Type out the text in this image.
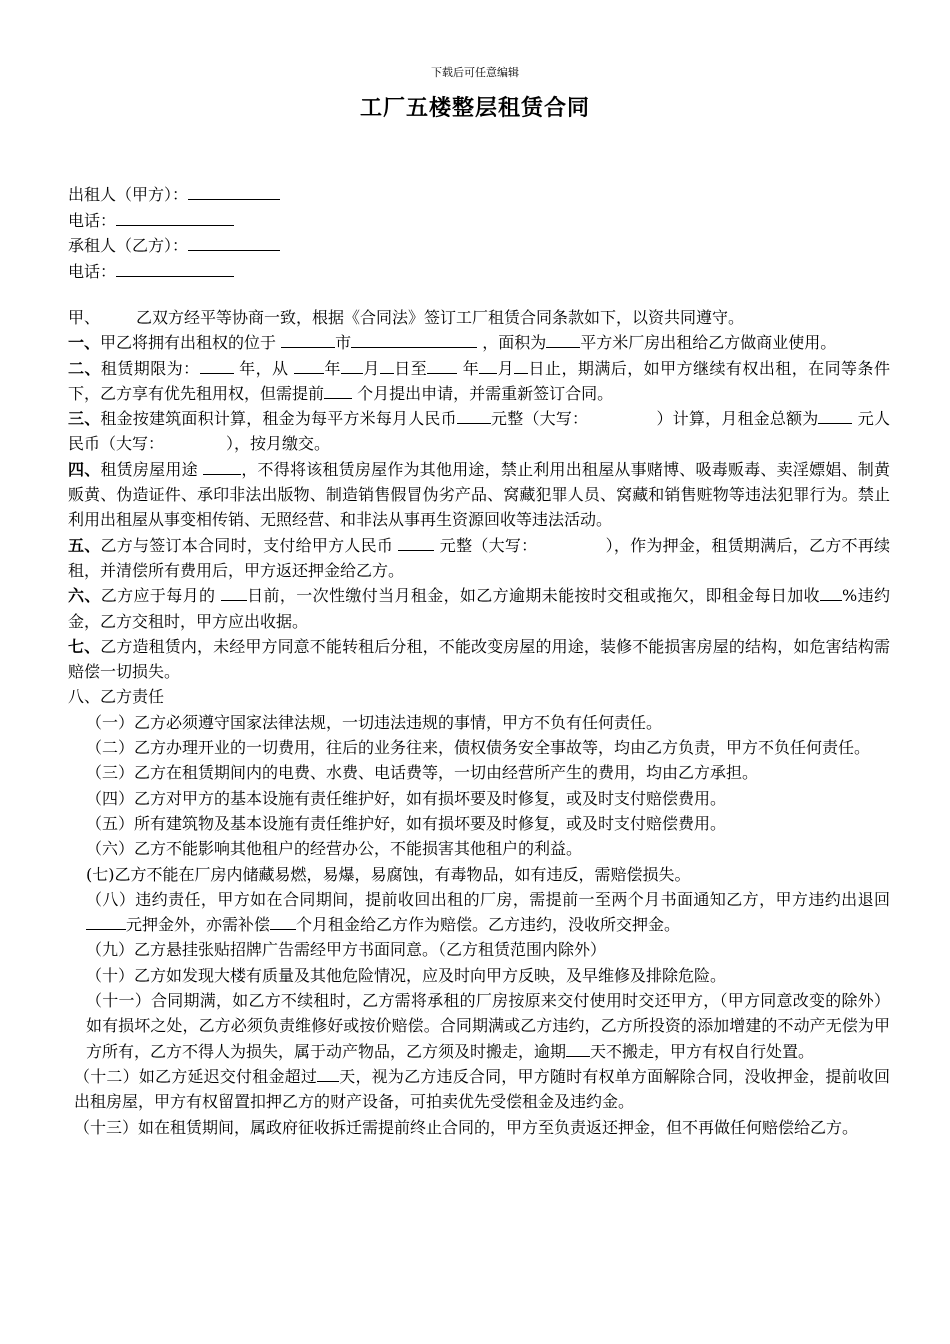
下载后可任意编辑
工厂五楼整层租赁合同
出租人（甲方）：
电话：
承租人（乙方）：
电话：

甲、 乙双方经平等协商一致，根据《合同法》签订工厂租赁合同条款如下，以资共同遵守。

一、甲乙将拥有出租权的位于	市	，面积为 平方米厂房出租给乙方做商业使用。

二、租赁期限为： 年，从 年 月 日至 年 月 日止，期满后，如甲方继续有权出租，在同等条件下，乙方享有优先租用权，但需提前 个月提出申请，并需重新签订合同。

三、租金按建筑面积计算，租金为每平方米每月人民币 元整（大写：	）计算，月租金总额为 元人民币（大写：	），按月缴交。

四、租赁房屋用途 ，不得将该租赁房屋作为其他用途，禁止利用出租屋从事赌博、吸毒贩毒、卖淫嫖娼、制黄贩黄、伪造证件、承印非法出版物、制造销售假冒伪劣产品、窝藏犯罪人员、窝藏和销售赃物等违法犯罪行为。禁止利用出租屋从事变相传销、无照经营、和非法从事再生资源回收等违法活动。

五、乙方与签订本合同时，支付给甲方人民币  元整（大写：	），作为押金，租赁期满后，乙方不再续租，并清偿所有费用后，甲方返还押金给乙方。

六、乙方应于每月的 日前，一次性缴付当月租金，如乙方逾期未能按时交租或拖欠，即租金每日加收 %违约金，乙方交租时，甲方应出收据。

七、乙方造租赁内，未经甲方同意不能转租后分租，不能改变房屋的用途，装修不能损害房屋的结构，如危害结构需赔偿一切损失。

八、乙方责任

（一）乙方必须遵守国家法律法规，一切违法违规的事情，甲方不负有任何责任。

（二）乙方办理开业的一切费用，往后的业务往来，债权债务安全事故等，均由乙方负责，甲方不负任何责任。

（三）乙方在租赁期间内的电费、水费、电话费等，一切由经营所产生的费用，均由乙方承担。

（四）乙方对甲方的基本设施有责任维护好，如有损坏要及时修复，或及时支付赔偿费用。

（五）所有建筑物及基本设施有责任维护好，如有损坏要及时修复，或及时支付赔偿费用。

（六）乙方不能影响其他租户的经营办公，不能损害其他租户的利益。

(七)乙方不能在厂房内储藏易燃，易爆，易腐蚀，有毒物品，如有违反，需赔偿损失。

（八）违约责任，甲方如在合同期间，提前收回出租的厂房，需提前一至两个月书面通知乙方，甲方违约出退回元押金外，亦需补偿 个月租金给乙方作为赔偿。乙方违约，没收所交押金。

（九）乙方悬挂张贴招牌广告需经甲方书面同意。（乙方租赁范围内除外）

（十）乙方如发现大楼有质量及其他危险情况，应及时向甲方反映，及早维修及排除危险。

（十一）合同期满，如乙方不续租时，乙方需将承租的厂房按原来交付使用时交还甲方，（甲方同意改变的除外）如有损坏之处，乙方必须负责维修好或按价赔偿。合同期满或乙方违约，乙方所投资的添加增建的不动产无偿为甲方所有，乙方不得人为损失，属于动产物品，乙方须及时搬走，逾期 天不搬走，甲方有权自行处置。

（十二）如乙方延迟交付租金超过 天，视为乙方违反合同，甲方随时有权单方面解除合同，没收押金，提前收回出租房屋，甲方有权留置扣押乙方的财产设备，可拍卖优先受偿租金及违约金。

（十三）如在租赁期间，属政府征收拆迁需提前终止合同的，甲方至负责返还押金，但不再做任何赔偿给乙方。
